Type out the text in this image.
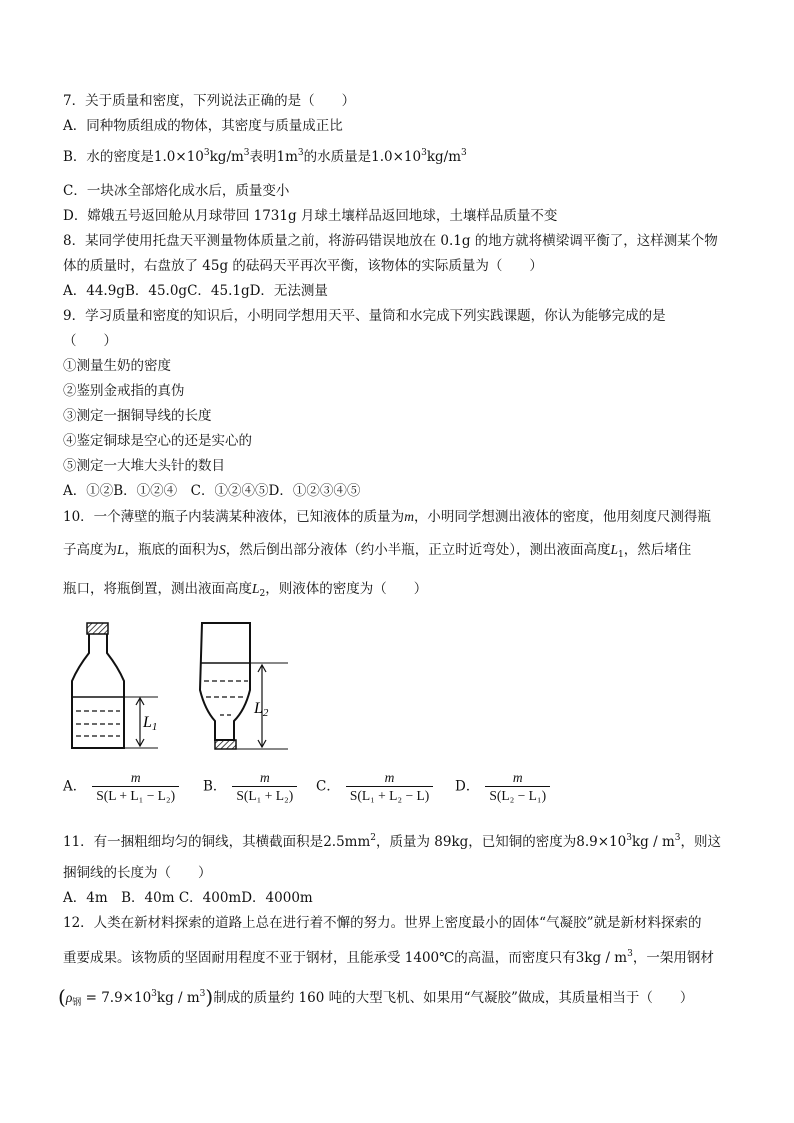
7．关于质量和密度，下列说法正确的是（　　）
A．同种物质组成的物体，其密度与质量成正比
B．水的密度是$1.0\times 10^3kg/m^3$表明$1m^3$的水质量是$1.0\times 10^3kg/m^3$
C．一块冰全部熔化成水后，质量变小
D．嫦娥五号返回舱从月球带回 1731g 月球土壤样品返回地球，土壤样品质量不变
8．某同学使用托盘天平测量物体质量之前，将游码错误地放在 0.1g 的地方就将横梁调平衡了，这样测某个物
体的质量时，右盘放了 45g 的砝码天平再次平衡，该物体的实际质量为（　　）
A．44.9gB．45.0gC．45.1gD．无法测量
9．学习质量和密度的知识后，小明同学想用天平、量筒和水完成下列实践课题，你认为能够完成的是
（　　）
①测量生奶的密度
②鉴别金戒指的真伪
③测定一捆铜导线的长度
④鉴定铜球是空心的还是实心的
⑤测定一大堆大头针的数目
A．①②B．①②④　C．①②④⑤D．①②③④⑤
10．一个薄壁的瓶子内装满某种液体，已知液体的质量为m，小明同学想测出液体的密度，他用刻度尺测得瓶
子高度为L，瓶底的面积为S，然后倒出部分液体（约小半瓶，正立时近弯处），测出液面高度$L_1$，然后堵住
瓶口，将瓶倒置，测出液面高度$L_2$，则液体的密度为（　　）
L1
L2
A． $\frac{m}{\text{S(L + L₁ − L₂)}}$ B． $\frac{m}{\text{S(L₁ + L₂)}}$ C． $\frac{m}{\text{S(L₁ + L₂ − L)}}$ D． $\frac{m}{\text{S(L₂ − L₁)}}$
11．有一捆粗细均匀的铜线，其横截面积是$2.5mm^2$，质量为 89kg，已知铜的密度为$8.9\times 10^3kg / m^3$，则这
捆铜线的长度为（　　）
A．4m　B．40m C．400mD．4000m
12．人类在新材料探索的道路上总在进行着不懈的努力。世界上密度最小的固体“气凝胶”就是新材料探索的
重要成果。该物质的坚固耐用程度不亚于钢材，且能承受 1400℃的高温，而密度只有$3kg / m^3$，一架用钢材
$(\rho_钢 = 7.9\times 10^3kg / m^3)$制成的质量约 160 吨的大型飞机、如果用“气凝胶”做成，其质量相当于（　　）
